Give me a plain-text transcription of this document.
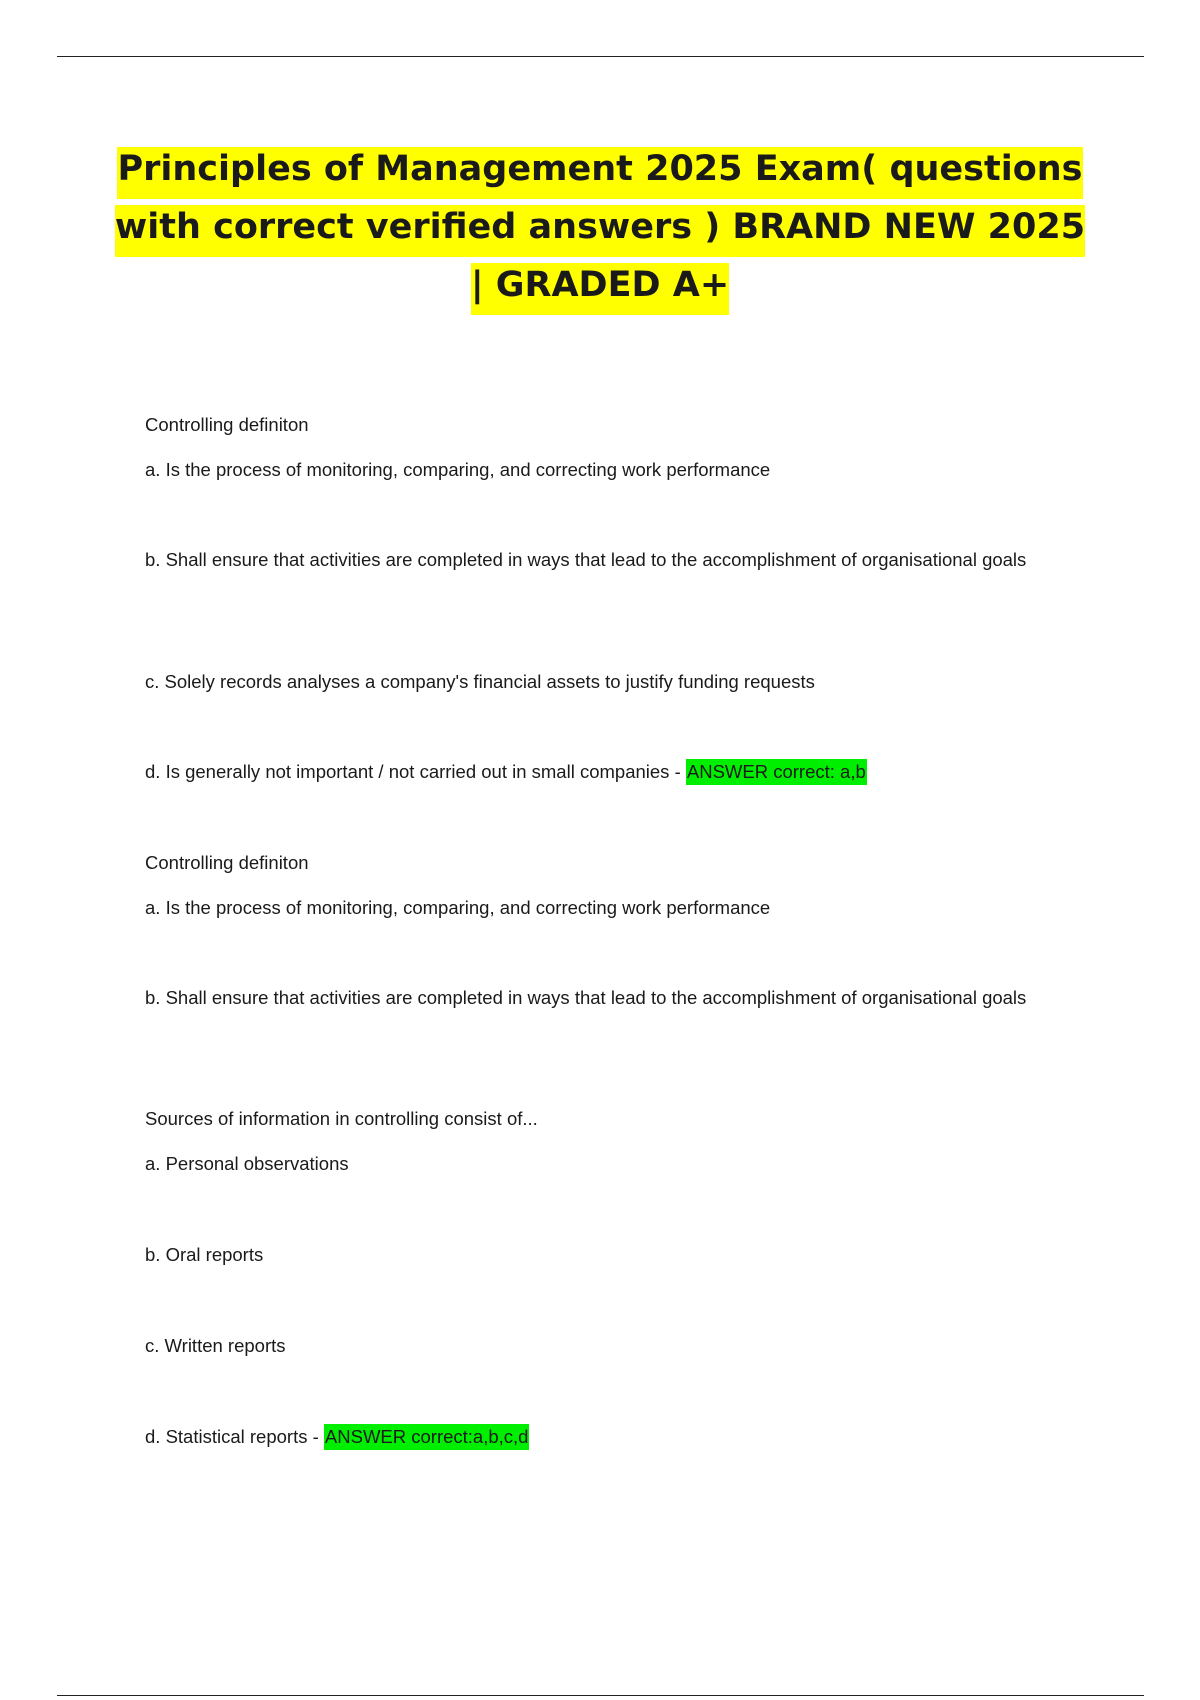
Principles of Management 2025 Exam( questions
with correct verified answers ) BRAND NEW 2025
| GRADED A+

Controlling definiton

a. Is the process of monitoring, comparing, and correcting work performance

b. Shall ensure that activities are completed in ways that lead to the accomplishment of organisational goals

c. Solely records analyses a company's financial assets to justify funding requests

d. Is generally not important / not carried out in small companies - ANSWER correct: a,b

Controlling definiton

a. Is the process of monitoring, comparing, and correcting work performance

b. Shall ensure that activities are completed in ways that lead to the accomplishment of organisational goals

Sources of information in controlling consist of...

a. Personal observations

b. Oral reports

c. Written reports

d. Statistical reports - ANSWER correct:a,b,c,d
